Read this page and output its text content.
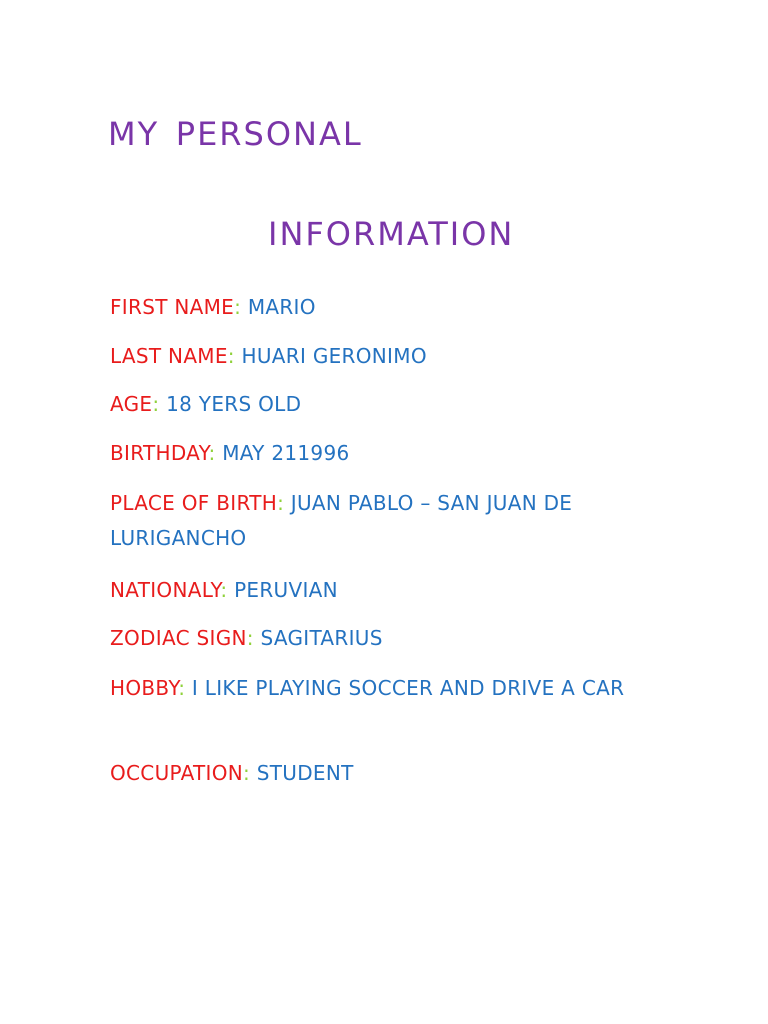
my personal
information
FIRST NAME: MARIO
LAST NAME: HUARI GERONIMO
AGE: 18 YERS OLD
BIRTHDAY: MAY 211996
PLACE OF BIRTH: JUAN PABLO – SAN JUAN DE LURIGANCHO
NATIONALY: PERUVIAN
ZODIAC SIGN: SAGITARIUS
HOBBY: I LIKE PLAYING SOCCER AND DRIVE A CAR
OCCUPATION: STUDENT
